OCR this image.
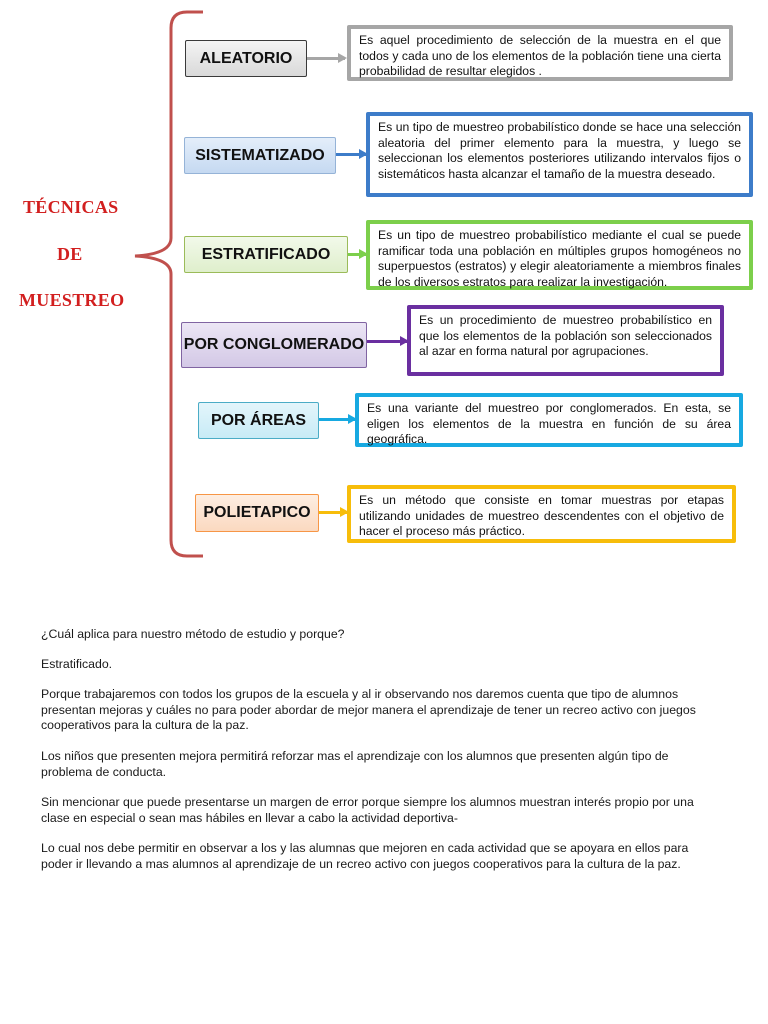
TÉCNICAS
DE
MUESTREO
ALEATORIO
Es aquel procedimiento de selección de la muestra en el que todos y cada uno de los elementos de la población tiene una cierta probabilidad de resultar elegidos .
SISTEMATIZADO
Es un tipo de muestreo probabilístico donde se hace una selección aleatoria del primer elemento para la muestra, y luego se seleccionan los elementos posteriores utilizando intervalos fijos o sistemáticos hasta alcanzar el tamaño de la muestra deseado.
ESTRATIFICADO
Es un tipo de muestreo probabilístico mediante el cual se puede ramificar toda una población en múltiples grupos homogéneos no superpuestos (estratos) y elegir aleatoriamente a miembros finales de los diversos estratos para realizar la investigación.
POR CONGLOMERADO
Es un procedimiento de muestreo probabilístico en que los elementos de la población son seleccionados al azar en forma natural por agrupaciones.
POR ÁREAS
Es una variante del muestreo por conglomerados. En esta, se eligen los elementos de la muestra en función de su área geográfica.
POLIETAPICO
Es un método que consiste en tomar muestras por etapas utilizando unidades de muestreo descendentes con el objetivo de hacer el proceso más práctico.
¿Cuál aplica para nuestro método de estudio y porque?
Estratificado.
Porque trabajaremos con todos los grupos de la escuela y al ir observando nos daremos cuenta que tipo de alumnos presentan mejoras y cuáles no para poder abordar de mejor manera el aprendizaje de tener un recreo activo con juegos cooperativos para la cultura de la paz.
Los niños que presenten mejora permitirá reforzar mas el aprendizaje con los alumnos que presenten algún tipo de problema de conducta.
Sin mencionar que puede presentarse un margen de error porque siempre los alumnos muestran interés propio por una clase en especial o sean mas hábiles en llevar a cabo la actividad deportiva-
Lo cual nos debe permitir en observar a los y las alumnas que mejoren en cada actividad que se apoyara en ellos para poder ir llevando a mas alumnos al aprendizaje de un recreo activo con juegos cooperativos para la cultura de la paz.
